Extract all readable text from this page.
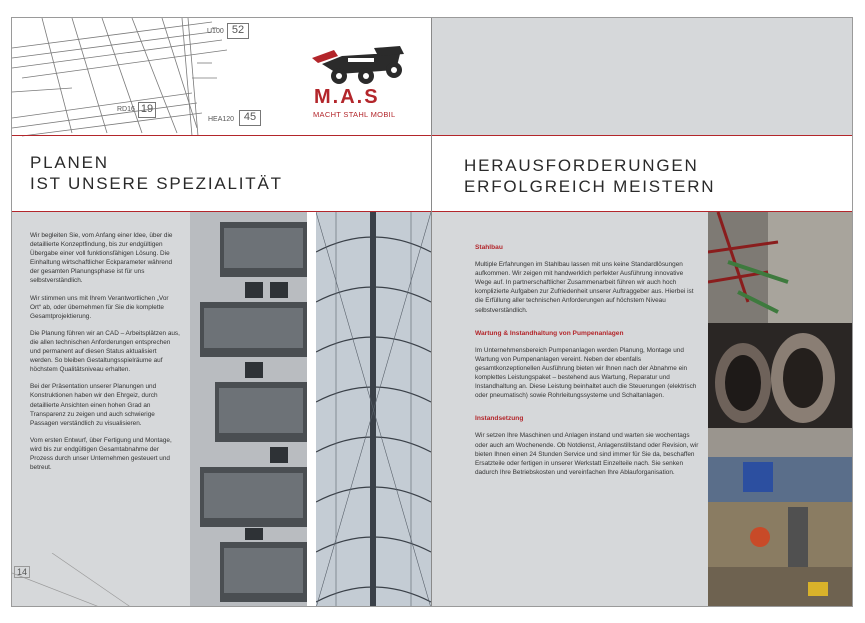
U100 52
RD16 19
HEA120 45
M.A.S
MACHT STAHL MOBIL
PLANEN
IST UNSERE SPEZIALITÄT
HERAUSFORDERUNGEN
ERFOLGREICH MEISTERN
14

Wir begleiten Sie, vom Anfang einer Idee, über die detaillierte Konzeptfindung, bis zur endgültigen Übergabe einer voll funktionsfähigen Lösung. Die Einhaltung wirtschaftlicher Eckparameter während der gesamten Planungsphase ist für uns selbstverständlich.

Wir stimmen uns mit Ihrem Verantwortlichen „Vor Ort“ ab, oder übernehmen für Sie die komplette Gesamtprojektierung.

Die Planung führen wir an CAD – Arbeitsplätzen aus, die allen technischen Anforderungen entsprechen und permanent auf diesen Status aktualisiert werden. So bleiben Gestaltungsspielräume auf höchstem Qualitätsniveau erhalten.

Bei der Präsentation unserer Planungen und Konstruktionen haben wir den Ehrgeiz, durch detaillierte Ansichten einen hohen Grad an Transparenz zu zeigen und auch schwierige Passagen verständlich zu visualisieren.

Vom ersten Entwurf, über Fertigung und Montage, wird bis zur endgültigen Gesamtabnahme der Prozess durch unser Unternehmen gesteuert und betreut.

Stahlbau

Multiple Erfahrungen im Stahlbau lassen mit uns keine Standardlösungen aufkommen. Wir zeigen mit handwerklich perfekter Ausführung innovative Wege auf. In partnerschaftlicher Zusammenarbeit führen wir auch hoch komplizierte Aufgaben zur Zufriedenheit unserer Auftraggeber aus. Hierbei ist die Erfüllung aller technischen Anforderungen auf höchstem Niveau selbstverständlich.

Wartung & Instandhaltung von Pumpenanlagen

Im Unternehmensbereich Pumpenanlagen werden Planung, Montage und Wartung von Pumpenanlagen vereint. Neben der ebenfalls gesamtkonzeptionellen Ausführung bieten wir Ihnen nach der Abnahme ein komplettes Leistungspaket – bestehend aus Wartung, Reparatur und Instandhaltung an. Diese Leistung beinhaltet auch die Steuerungen (elektrisch oder pneumatisch) sowie Rohrleitungssysteme und Schaltanlagen.

Instandsetzung

Wir setzen Ihre Maschinen und Anlagen instand und warten sie wochentags oder auch am Wochenende. Ob Notdienst, Anlagenstillstand oder Revision, wir bieten Ihnen einen 24 Stunden Service und sind immer für Sie da, beschaffen Ersatzteile oder fertigen in unserer Werkstatt Einzelteile nach. Sie senken dadurch Ihre Betriebskosten und vereinfachen Ihre Ablauforganisation.
